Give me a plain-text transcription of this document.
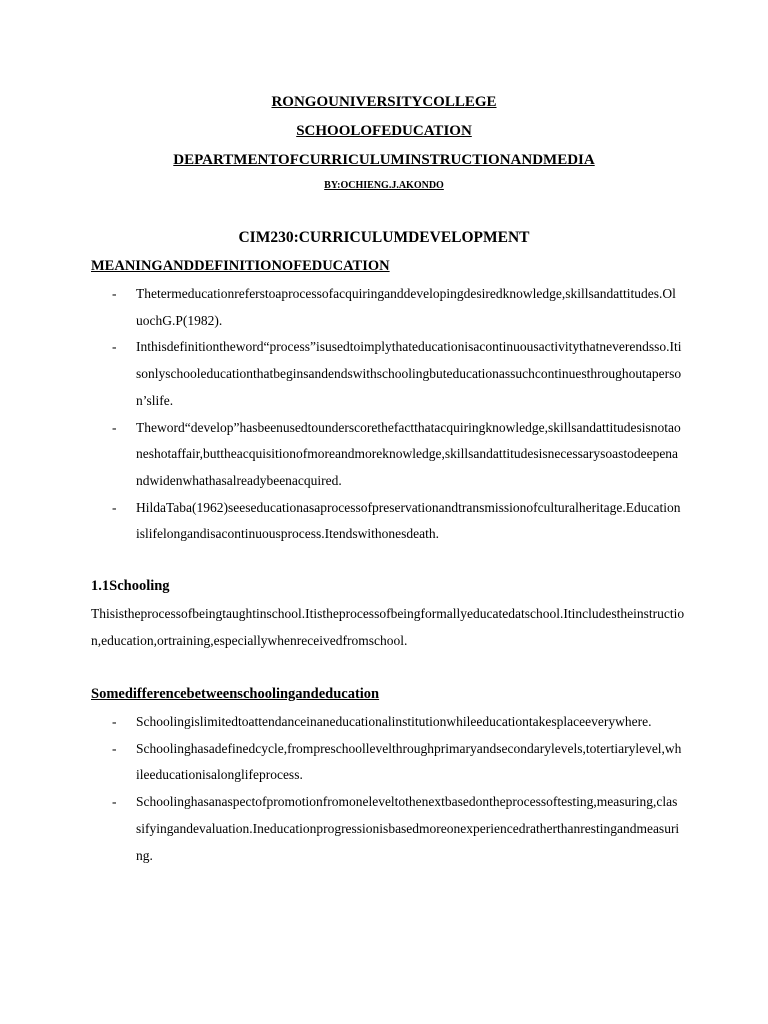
RONGOUNIVERSITYCOLLEGE
SCHOOLOFEDUCATION
DEPARTMENTOFCURRICULUMINSTRUCTIONANDMEDIA
BY:OCHIENG.J.AKONDO
CIM230:CURRICULUMDEVELOPMENT
MEANINGANDDEFINITIONOFEDUCATION
- Thetermeducationreferstoaprocessofacquiringanddevelopingdesiredknowledge,skillsandattitudes.OluochG.P(1982).
- Inthisdefinitiontheword“process”isusedtoimplythateducationisacontinuousactivitythatneverendsso.Itisonlyschooleducationthatbeginsandendswithschoolingbuteducationassuchcontinuesthroughoutaperson’slife.
- Theword“develop”hasbeenusedtounderscorethefactthatacquiringknowledge,skillsandattitudesisnotaoneshotaffair,buttheacquisitionofmoreandmoreknowledge,skillsandattitudesisnecessarysoastodeepenandwidenwhathasalreadybeenacquired.
- HildaTaba(1962)seeseducationasaprocessofpreservationandtransmissionofculturalheritage.Educationislifelongandisacontinuousprocess.Itendswithonesdeath.
1.1Schooling
Thisistheprocessofbeingtaughtinschool.Itistheprocessofbeingformallyeducatedatschool.Itincludestheinstruction,education,ortraining,especiallywhenreceivedfromschool.
Somedifferencebetweenschoolingandeducation
- Schoolingislimitedtoattendanceinaneducationalinstitutionwhileeducationtakesplaceeverywhere.
- Schoolinghasadefinedcycle,frompreschoollevelthroughprimaryandsecondarylevels,totertiarylevel,whileeducationisalonglifeprocess.
- Schoolinghasanaspectofpromotionfromoneleveltothenextbasedontheprocessoftesting,measuring,classifyingandevaluation.Ineducationprogressionisbasedmoreonexperiencedratherthanrestingandmeasuring.
